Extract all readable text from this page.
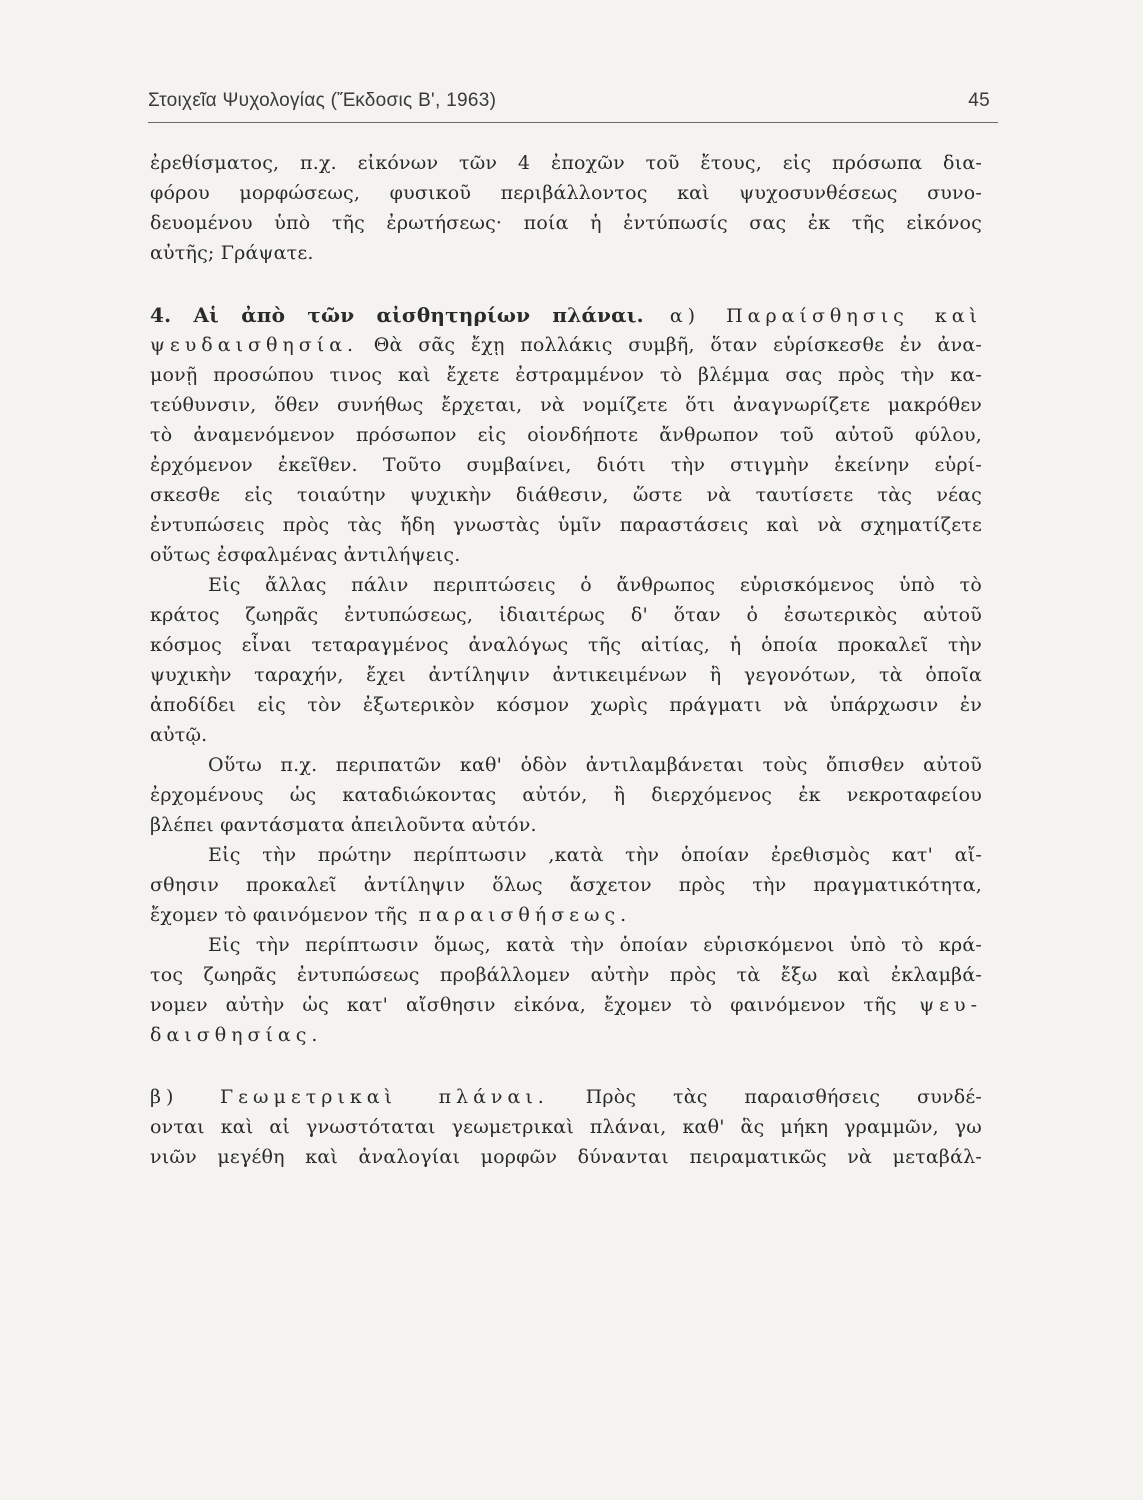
Στοιχεῖα Ψυχολογίας (Ἔκδοσις Β', 1963)	45
ἐρεθίσματος, π.χ. εἰκόνων τῶν 4 ἐποχῶν τοῦ ἔτους, εἰς πρόσωπα δια-
φόρου μορφώσεως, φυσικοῦ περιβάλλοντος καὶ ψυχοσυνθέσεως συνο-
δευομένου ὑπὸ τῆς ἐρωτήσεως· ποία ἡ ἐντύπωσίς σας ἐκ τῆς εἰκόνος
αὐτῆς; Γράψατε.
4. Αἱ ἀπὸ τῶν αἰσθητηρίων πλάναι. α) Παραίσθησις καὶ
ψευδαισθησία. Θὰ σᾶς ἔχῃ πολλάκις συμβῆ, ὅταν εὑρίσκεσθε ἐν ἀνα-
μονῇ προσώπου τινος καὶ ἔχετε ἐστραμμένον τὸ βλέμμα σας πρὸς τὴν κα-
τεύθυνσιν, ὅθεν συνήθως ἔρχεται, νὰ νομίζετε ὅτι ἀναγνωρίζετε μακρόθεν
τὸ ἀναμενόμενον πρόσωπον εἰς οἱονδήποτε ἄνθρωπον τοῦ αὐτοῦ φύλου,
ἐρχόμενον ἐκεῖθεν. Τοῦτο συμβαίνει, διότι τὴν στιγμὴν ἐκείνην εὑρί-
σκεσθε εἰς τοιαύτην ψυχικὴν διάθεσιν, ὥστε νὰ ταυτίσετε τὰς νέας
ἐντυπώσεις πρὸς τὰς ἤδη γνωστὰς ὑμῖν παραστάσεις καὶ νὰ σχηματίζετε
οὕτως ἐσφαλμένας ἀντιλήψεις.
Εἰς ἄλλας πάλιν περιπτώσεις ὁ ἄνθρωπος εὑρισκόμενος ὑπὸ τὸ
κράτος ζωηρᾶς ἐντυπώσεως, ἰδιαιτέρως δ' ὅταν ὁ ἐσωτερικὸς αὐτοῦ
κόσμος εἶναι τεταραγμένος ἀναλόγως τῆς αἰτίας, ἡ ὁποία προκαλεῖ τὴν
ψυχικὴν ταραχήν, ἔχει ἀντίληψιν ἀντικειμένων ἢ γεγονότων, τὰ ὁποῖα
ἀποδίδει εἰς τὸν ἐξωτερικὸν κόσμον χωρὶς πράγματι νὰ ὑπάρχωσιν ἐν
αὐτῷ.
Οὕτω π.χ. περιπατῶν καθ' ὁδὸν ἀντιλαμβάνεται τοὺς ὄπισθεν αὐτοῦ
ἐρχομένους ὡς καταδιώκοντας αὐτόν, ἢ διερχόμενος ἐκ νεκροταφείου
βλέπει φαντάσματα ἀπειλοῦντα αὐτόν.
Εἰς τὴν πρώτην περίπτωσιν ,κατὰ τὴν ὁποίαν ἐρεθισμὸς κατ' αἴ-
σθησιν προκαλεῖ ἀντίληψιν ὅλως ἄσχετον πρὸς τὴν πραγματικότητα,
ἔχομεν τὸ φαινόμενον τῆς παραισθήσεως.
Εἰς τὴν περίπτωσιν ὅμως, κατὰ τὴν ὁποίαν εὑρισκόμενοι ὑπὸ τὸ κρά-
τος ζωηρᾶς ἐντυπώσεως προβάλλομεν αὐτὴν πρὸς τὰ ἔξω καὶ ἐκλαμβά-
νομεν αὐτὴν ὡς κατ' αἴσθησιν εἰκόνα, ἔχομεν τὸ φαινόμενον τῆς ψευ-
δαισθησίας.
β) Γεωμετρικαὶ πλάναι. Πρὸς τὰς παραισθήσεις συνδέ-
ονται καὶ αἱ γνωστόταται γεωμετρικαὶ πλάναι, καθ' ἃς μήκη γραμμῶν, γω
νιῶν μεγέθη καὶ ἀναλογίαι μορφῶν δύνανται πειραματικῶς νὰ μεταβάλ-
